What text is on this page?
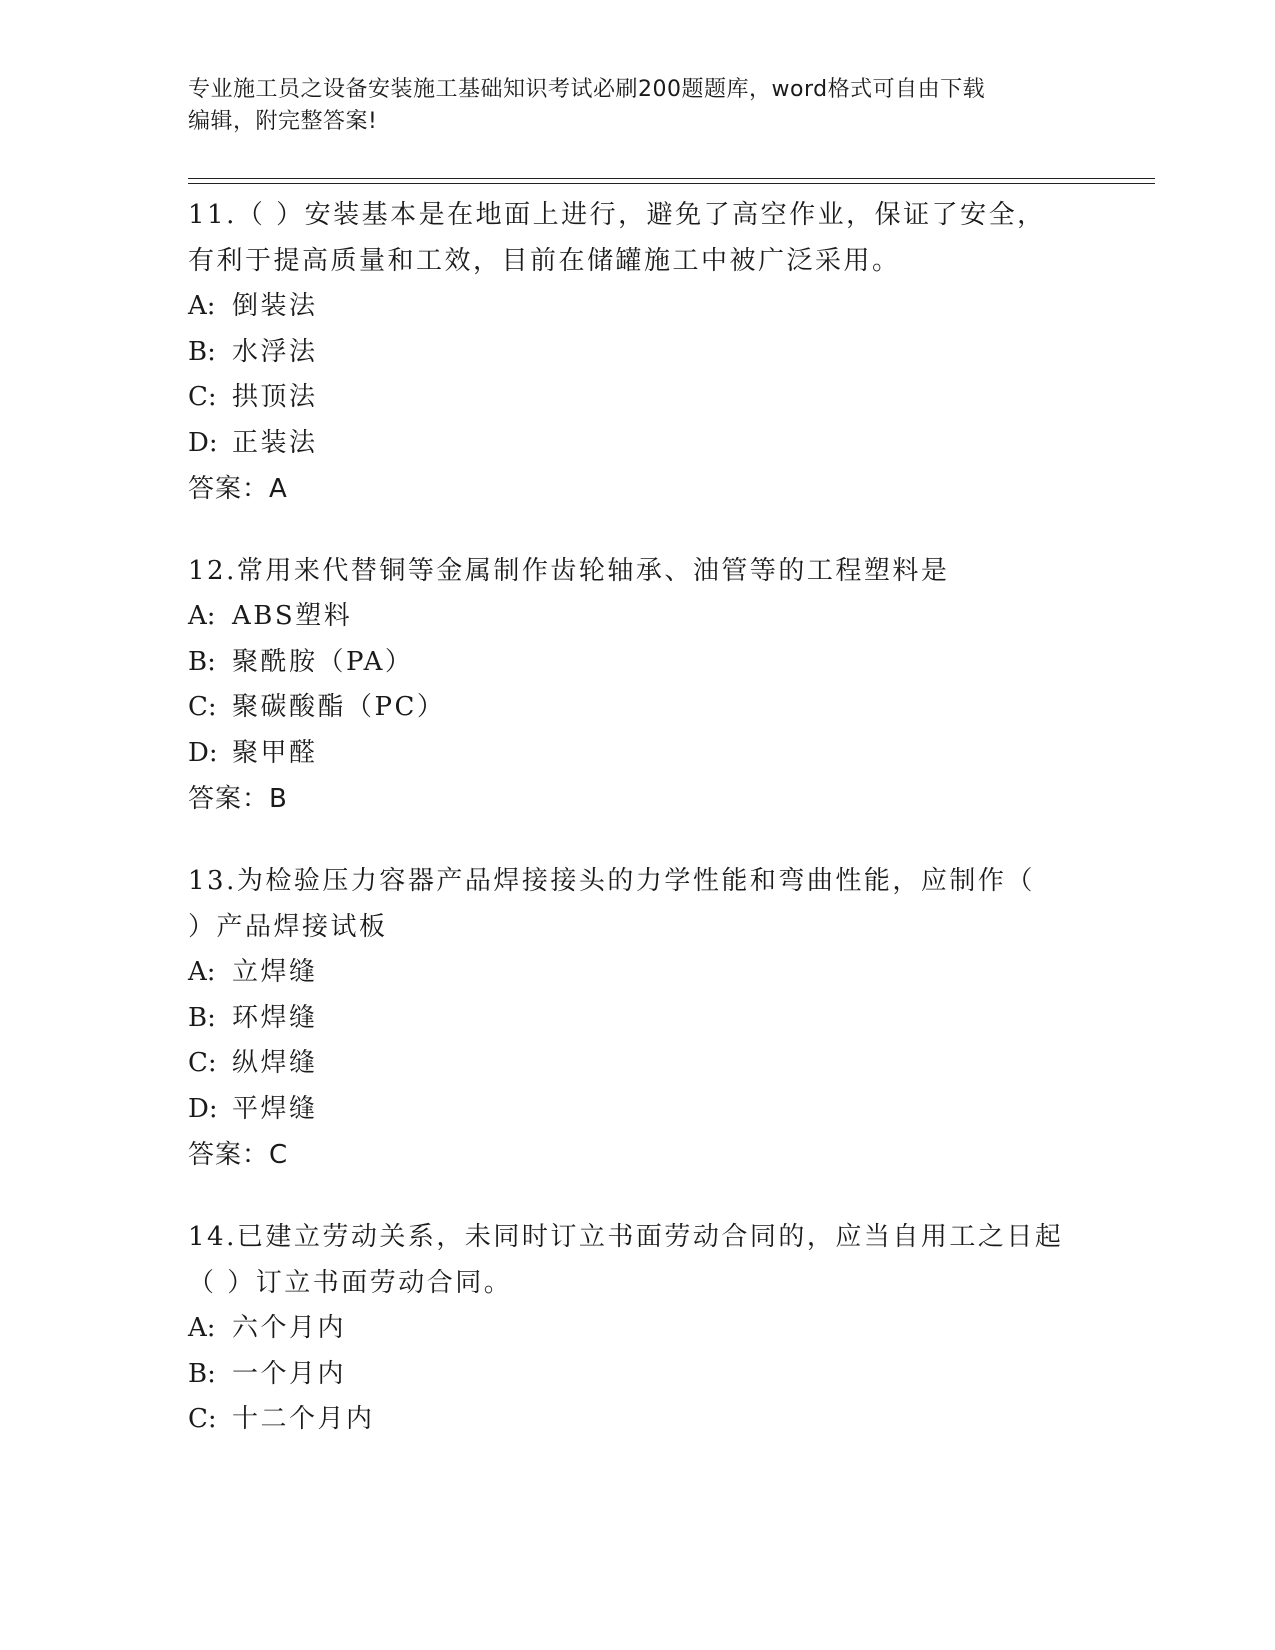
专业施工员之设备安装施工基础知识考试必刷200题题库，word格式可自由下载
编辑，附完整答案!
11.（ ）安装基本是在地面上进行，避免了高空作业，保证了安全，
有利于提高质量和工效，目前在储罐施工中被广泛采用。
A: 倒装法
B: 水浮法
C: 拱顶法
D: 正装法
答案：A
12.常用来代替铜等金属制作齿轮轴承、油管等的工程塑料是
A: ABS塑料
B: 聚酰胺（PA）
C: 聚碳酸酯（PC）
D: 聚甲醛
答案：B
13.为检验压力容器产品焊接接头的力学性能和弯曲性能，应制作（
）产品焊接试板
A: 立焊缝
B: 环焊缝
C: 纵焊缝
D: 平焊缝
答案：C
14.已建立劳动关系，未同时订立书面劳动合同的，应当自用工之日起
（ ）订立书面劳动合同。
A: 六个月内
B: 一个月内
C: 十二个月内
